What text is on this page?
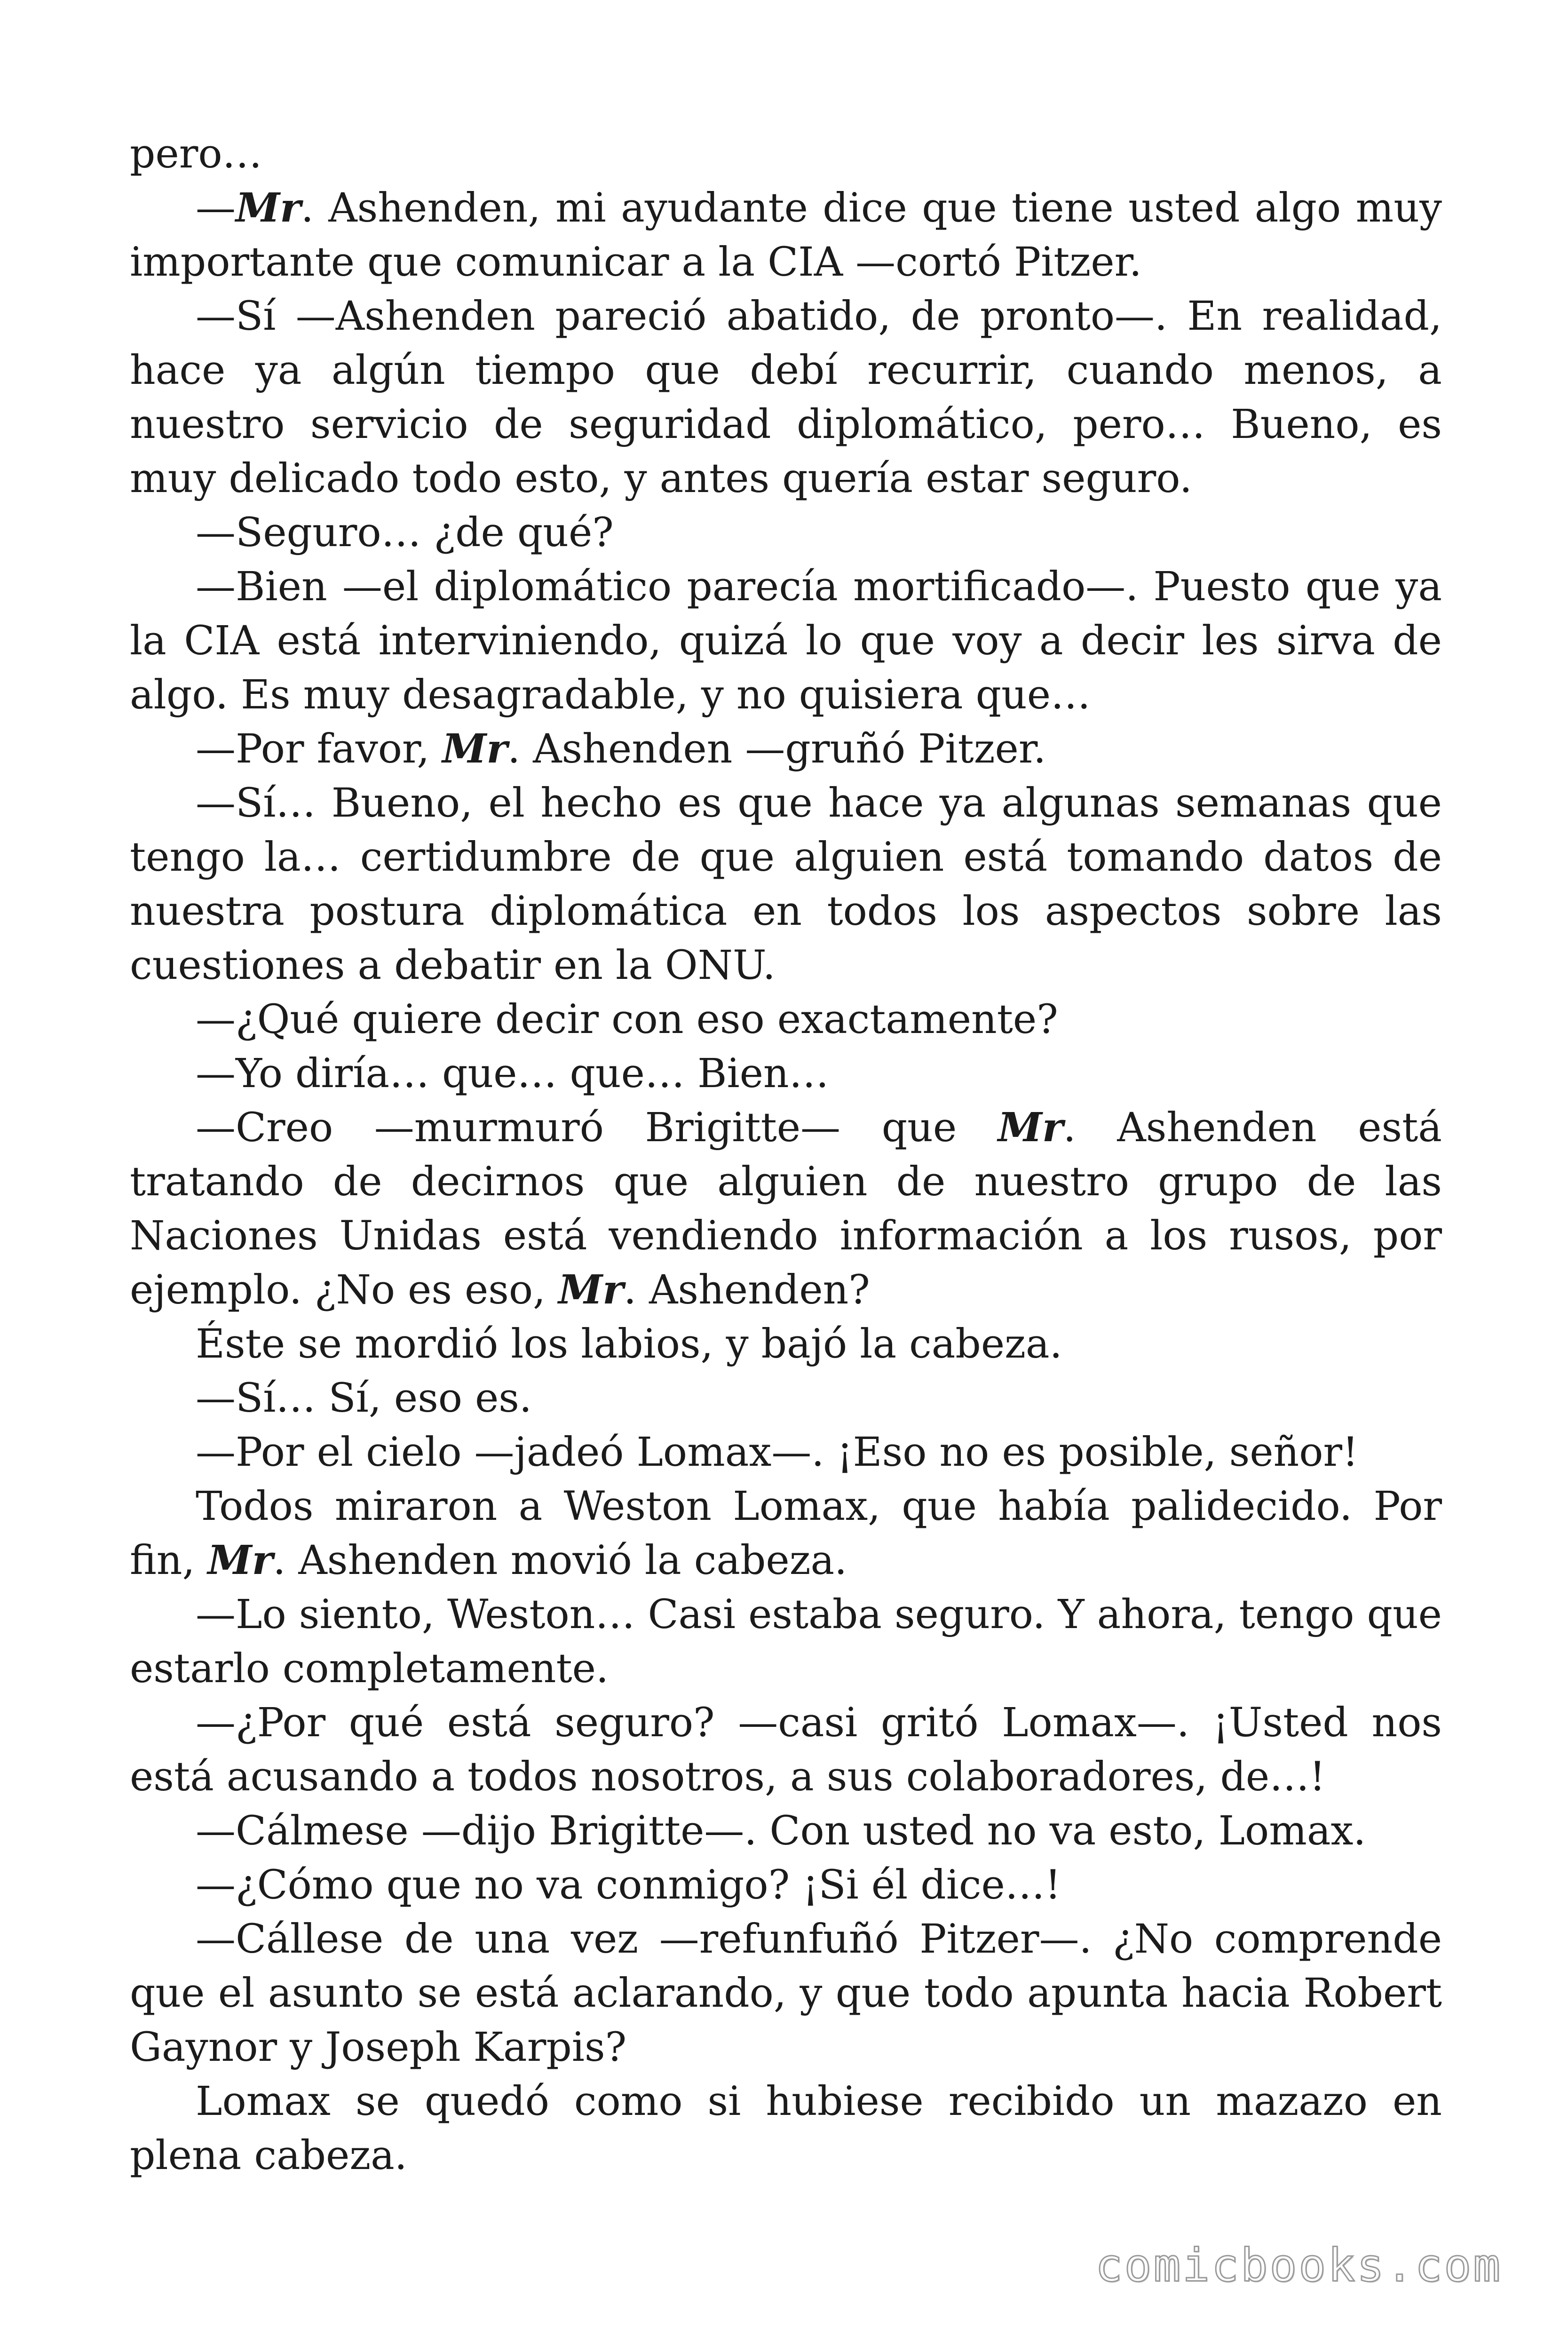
pero…

—Mr. Ashenden, mi ayudante dice que tiene usted algo muy importante que comunicar a la CIA —cortó Pitzer.

—Sí —Ashenden pareció abatido, de pronto—. En realidad, hace ya algún tiempo que debí recurrir, cuando menos, a nuestro servicio de seguridad diplomático, pero… Bueno, es muy delicado todo esto, y antes quería estar seguro.

—Seguro… ¿de qué?

—Bien —el diplomático parecía mortificado—. Puesto que ya la CIA está interviniendo, quizá lo que voy a decir les sirva de algo. Es muy desagradable, y no quisiera que…

—Por favor, Mr. Ashenden —gruñó Pitzer.

—Sí… Bueno, el hecho es que hace ya algunas semanas que tengo la… certidumbre de que alguien está tomando datos de nuestra postura diplomática en todos los aspectos sobre las cuestiones a debatir en la ONU.

—¿Qué quiere decir con eso exactamente?

—Yo diría… que… que… Bien…

—Creo —murmuró Brigitte— que Mr. Ashenden está tratando de decirnos que alguien de nuestro grupo de las Naciones Unidas está vendiendo información a los rusos, por ejemplo. ¿No es eso, Mr. Ashenden?

Éste se mordió los labios, y bajó la cabeza.

—Sí… Sí, eso es.

—Por el cielo —jadeó Lomax—. ¡Eso no es posible, señor!

Todos miraron a Weston Lomax, que había palidecido. Por fin, Mr. Ashenden movió la cabeza.

—Lo siento, Weston… Casi estaba seguro. Y ahora, tengo que estarlo completamente.

—¿Por qué está seguro? —casi gritó Lomax—. ¡Usted nos está acusando a todos nosotros, a sus colaboradores, de…!

—Cálmese —dijo Brigitte—. Con usted no va esto, Lomax.

—¿Cómo que no va conmigo? ¡Si él dice…!

—Cállese de una vez —refunfuñó Pitzer—. ¿No comprende que el asunto se está aclarando, y que todo apunta hacia Robert Gaynor y Joseph Karpis?

Lomax se quedó como si hubiese recibido un mazazo en plena cabeza.

comicbooks.com
